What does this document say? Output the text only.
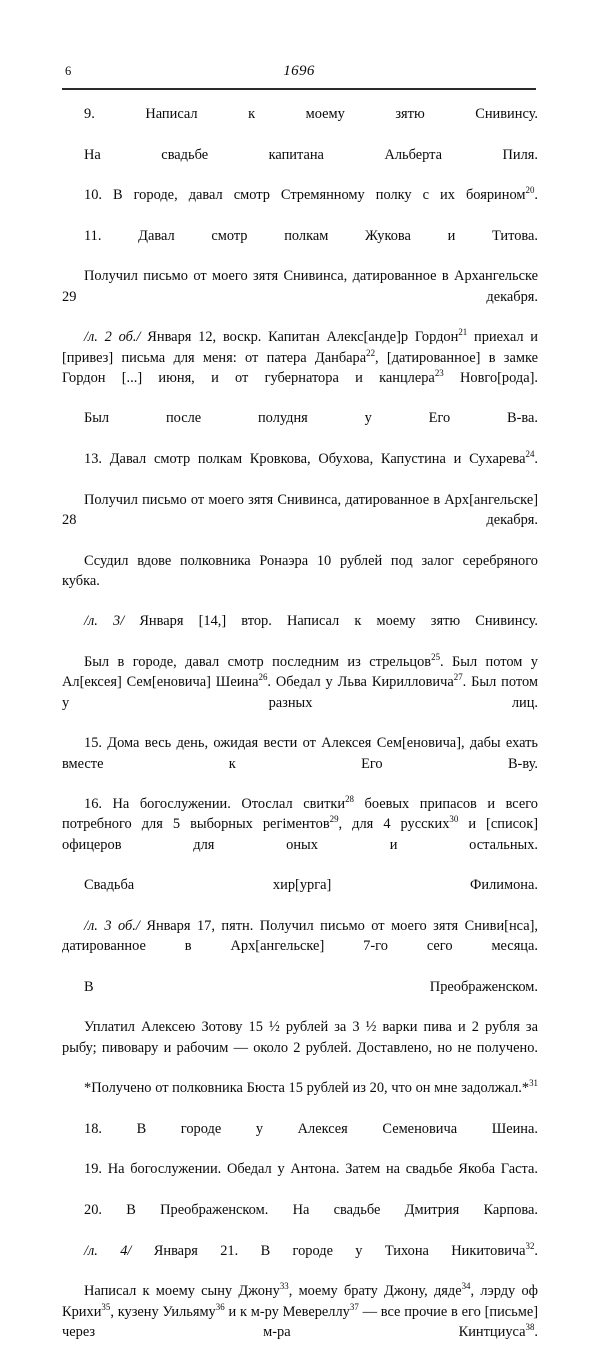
6	1696

9. Написал к моему зятю Снивинсу.

На свадьбе капитана Альберта Пиля.

10. В городе, давал смотр Стремянному полку с их боярином$^{20}$.

11. Давал смотр полкам Жукова и Титова.

Получил письмо от моего зятя Снивинса, датированное в Архангельске 29 декабря.

/л. 2 об./ Января 12, воскр. Капитан Алекс[анде]р Гордон$^{21}$ приехал и [привез] письма для меня: от патера Данбара$^{22}$, [датированное] в замке Гордон [...] июня, и от губернатора и канцлера$^{23}$ Новго[рода].

Был после полудня у Его В-ва.

13. Давал смотр полкам Кровкова, Обухова, Капустина и Сухарева$^{24}$.

Получил письмо от моего зятя Снивинса, датированное в Арх[ангельске] 28 декабря.

Ссудил вдове полковника Ронаэра 10 рублей под залог серебряного кубка.

/л. 3/ Января [14,] втор. Написал к моему зятю Снивинсу.

Был в городе, давал смотр последним из стрельцов$^{25}$. Был потом у Ал[ексея] Сем[еновича] Шеина$^{26}$. Обедал у Льва Кирилловича$^{27}$. Был потом у разных лиц.

15. Дома весь день, ожидая вести от Алексея Сем[еновича], дабы ехать вместе к Его В-ву.

16. На богослужении. Отослал свитки$^{28}$ боевых припасов и всего потребного для 5 выборных регіментов$^{29}$, для 4 русских$^{30}$ и [список] офицеров для оных и остальных.

Свадьба хир[урга] Филимона.

/л. 3 об./ Января 17, пятн. Получил письмо от моего зятя Сниви[нса], датированное в Арх[ангельске] 7-го сего месяца.

В Преображенском.

Уплатил Алексею Зотову 15 ½ рублей за 3 ½ варки пива и 2 рубля за рыбу; пивовару и рабочим — около 2 рублей. Доставлено, но не получено.

*Получено от полковника Бюста 15 рублей из 20, что он мне задолжал.*$^{31}$

18. В городе у Алексея Семеновича Шеина.

19. На богослужении. Обедал у Антона. Затем на свадьбе Якоба Гаста.

20. В Преображенском. На свадьбе Дмитрия Карпова.

/л. 4/ Января 21. В городе у Тихона Никитовича$^{32}$.

Написал к моему сыну Джону$^{33}$, моему брату Джону, дяде$^{34}$, лэрду оф Крихи$^{35}$, кузену Уильяму$^{36}$ и к м-ру Мевереллу$^{37}$ — все прочие в его [письме] через м-ра Кинтциуса$^{38}$.
